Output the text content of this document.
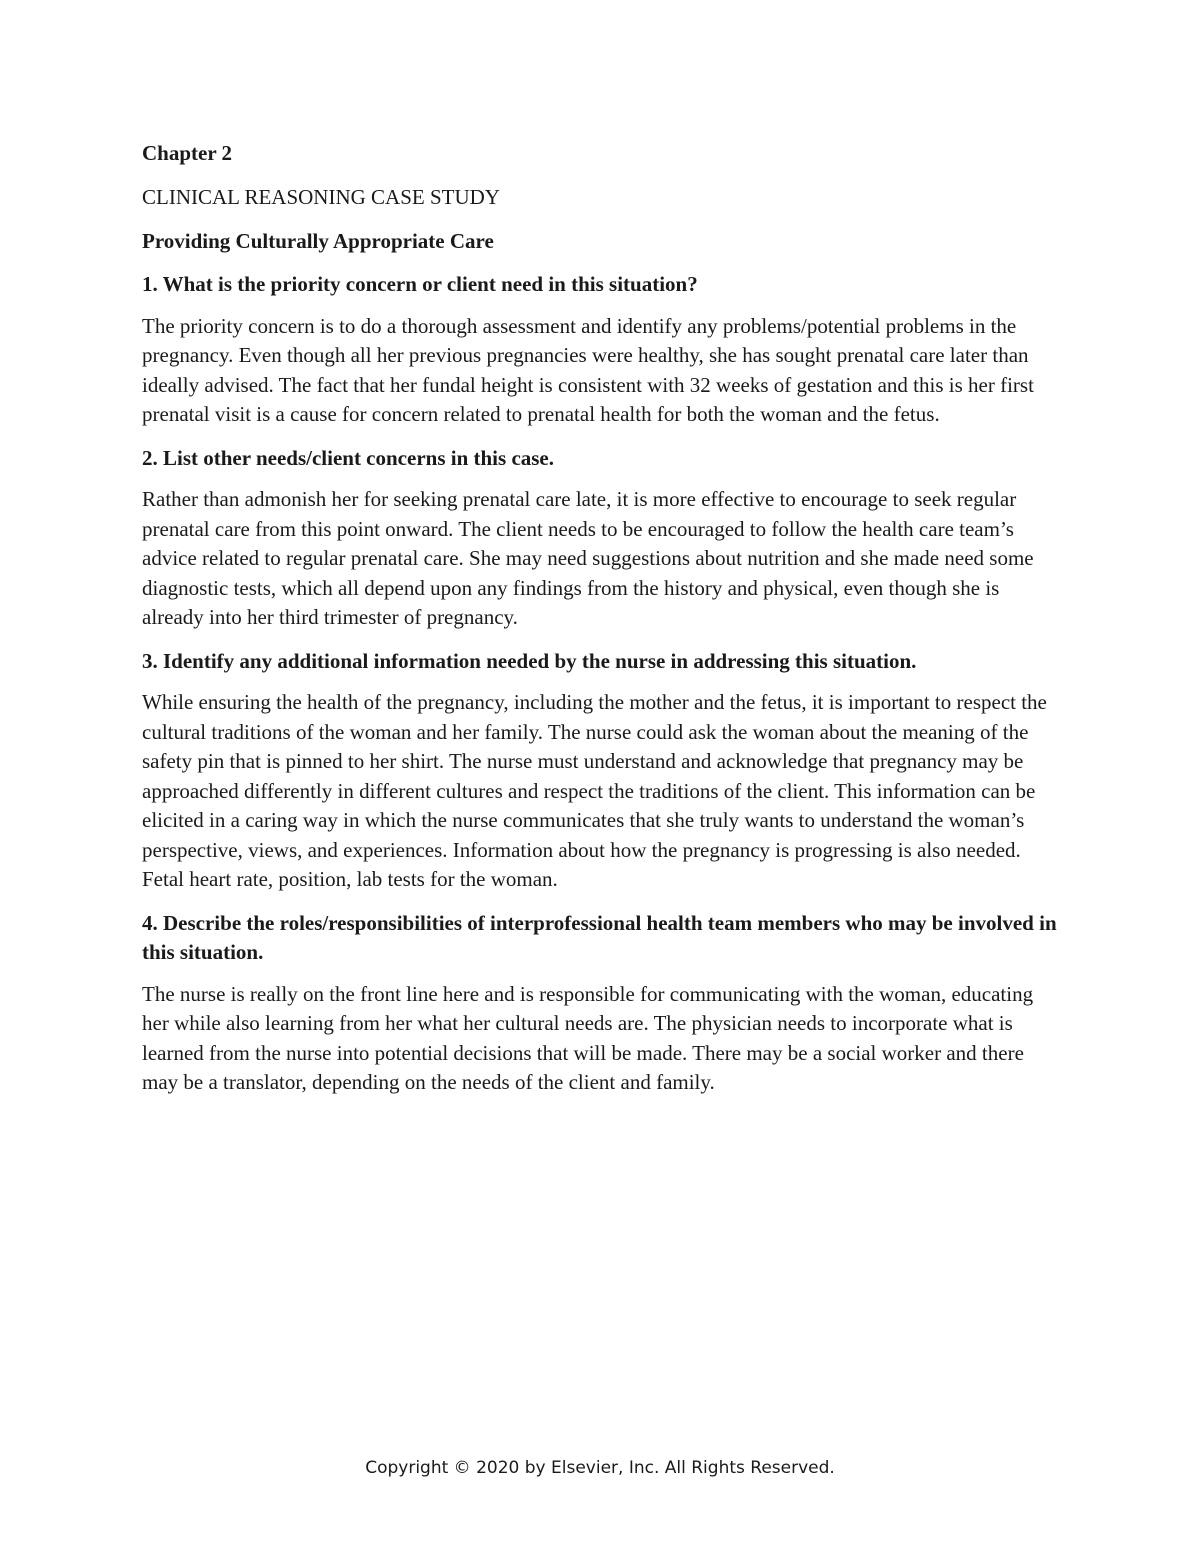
Chapter 2
CLINICAL REASONING CASE STUDY
Providing Culturally Appropriate Care
1. What is the priority concern or client need in this situation?
The priority concern is to do a thorough assessment and identify any problems/potential problems in the pregnancy. Even though all her previous pregnancies were healthy, she has sought prenatal care later than ideally advised. The fact that her fundal height is consistent with 32 weeks of gestation and this is her first prenatal visit is a cause for concern related to prenatal health for both the woman and the fetus.
2. List other needs/client concerns in this case.
Rather than admonish her for seeking prenatal care late, it is more effective to encourage to seek regular prenatal care from this point onward. The client needs to be encouraged to follow the health care team’s advice related to regular prenatal care. She may need suggestions about nutrition and she made need some diagnostic tests, which all depend upon any findings from the history and physical, even though she is already into her third trimester of pregnancy.
3. Identify any additional information needed by the nurse in addressing this situation.
While ensuring the health of the pregnancy, including the mother and the fetus, it is important to respect the cultural traditions of the woman and her family. The nurse could ask the woman about the meaning of the safety pin that is pinned to her shirt. The nurse must understand and acknowledge that pregnancy may be approached differently in different cultures and respect the traditions of the client. This information can be elicited in a caring way in which the nurse communicates that she truly wants to understand the woman’s perspective, views, and experiences. Information about how the pregnancy is progressing is also needed. Fetal heart rate, position, lab tests for the woman.
4. Describe the roles/responsibilities of interprofessional health team members who may be involved in this situation.
The nurse is really on the front line here and is responsible for communicating with the woman, educating her while also learning from her what her cultural needs are. The physician needs to incorporate what is learned from the nurse into potential decisions that will be made. There may be a social worker and there may be a translator, depending on the needs of the client and family.
Copyright © 2020 by Elsevier, Inc. All Rights Reserved.
